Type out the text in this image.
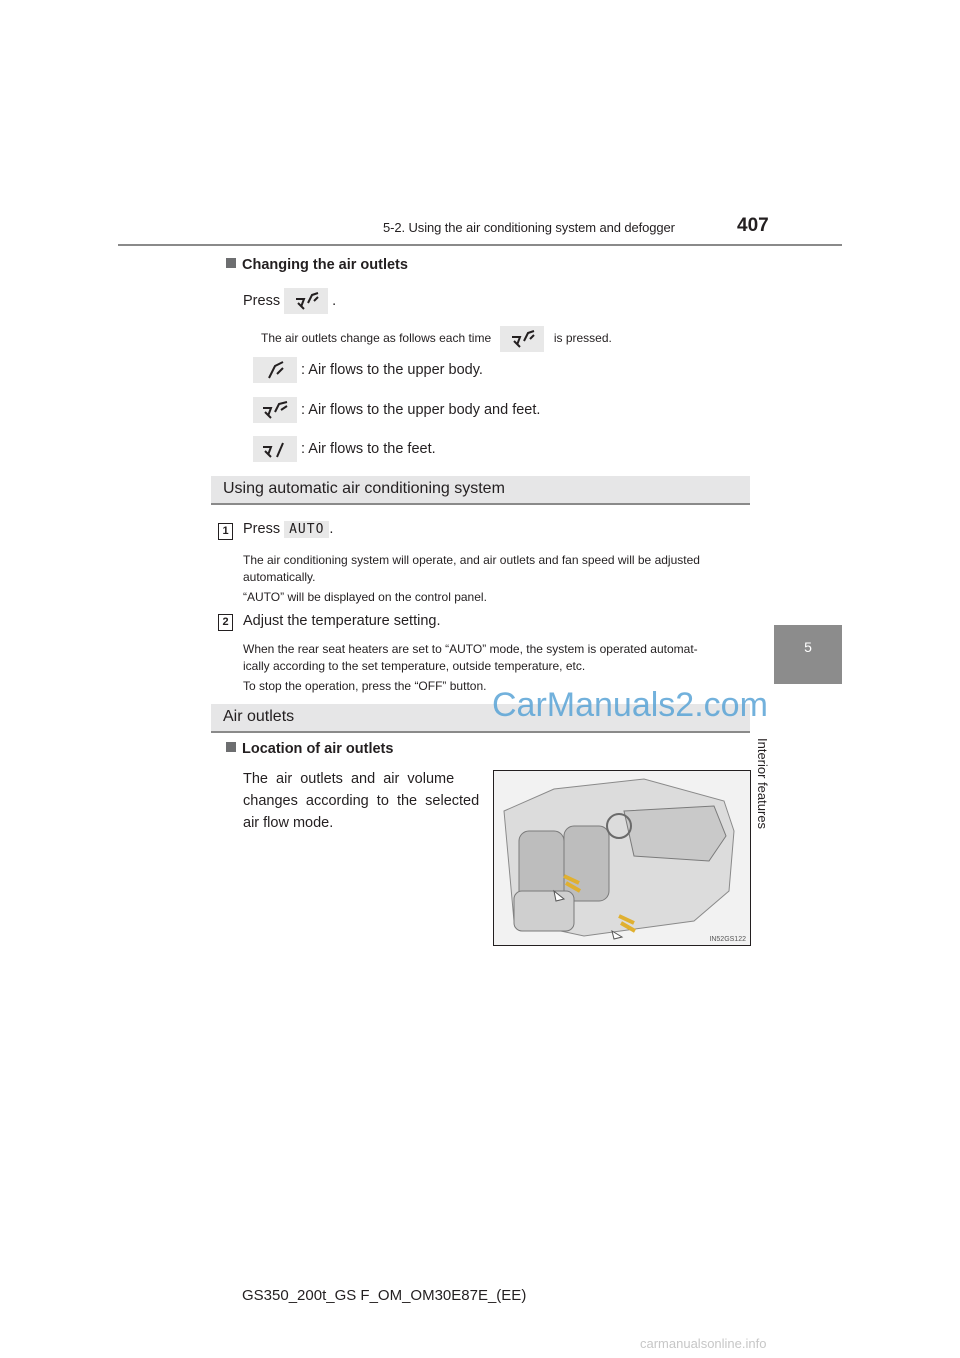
5-2. Using the air conditioning system and defogger	407
5
Interior features
Changing the air outlets
Press	.
The air outlets change as follows each time	is pressed.
: Air flows to the upper body.
: Air flows to the upper body and feet.
: Air flows to the feet.
Using automatic air conditioning system
1 Press AUTO .
The air conditioning system will operate, and air outlets and fan speed will be adjusted
automatically.
“AUTO” will be displayed on the control panel.
2 Adjust the temperature setting.
When the rear seat heaters are set to “AUTO” mode, the system is operated automat-
ically according to the set temperature, outside temperature, etc.
To stop the operation, press the “OFF” button.
Air outlets
Location of air outlets
The  air  outlets  and  air  volume
changes  according  to  the  selected
air flow mode.
IN52GS122
GS350_200t_GS F_OM_OM30E87E_(EE)
CarManuals2.com
carmanualsonline.info
